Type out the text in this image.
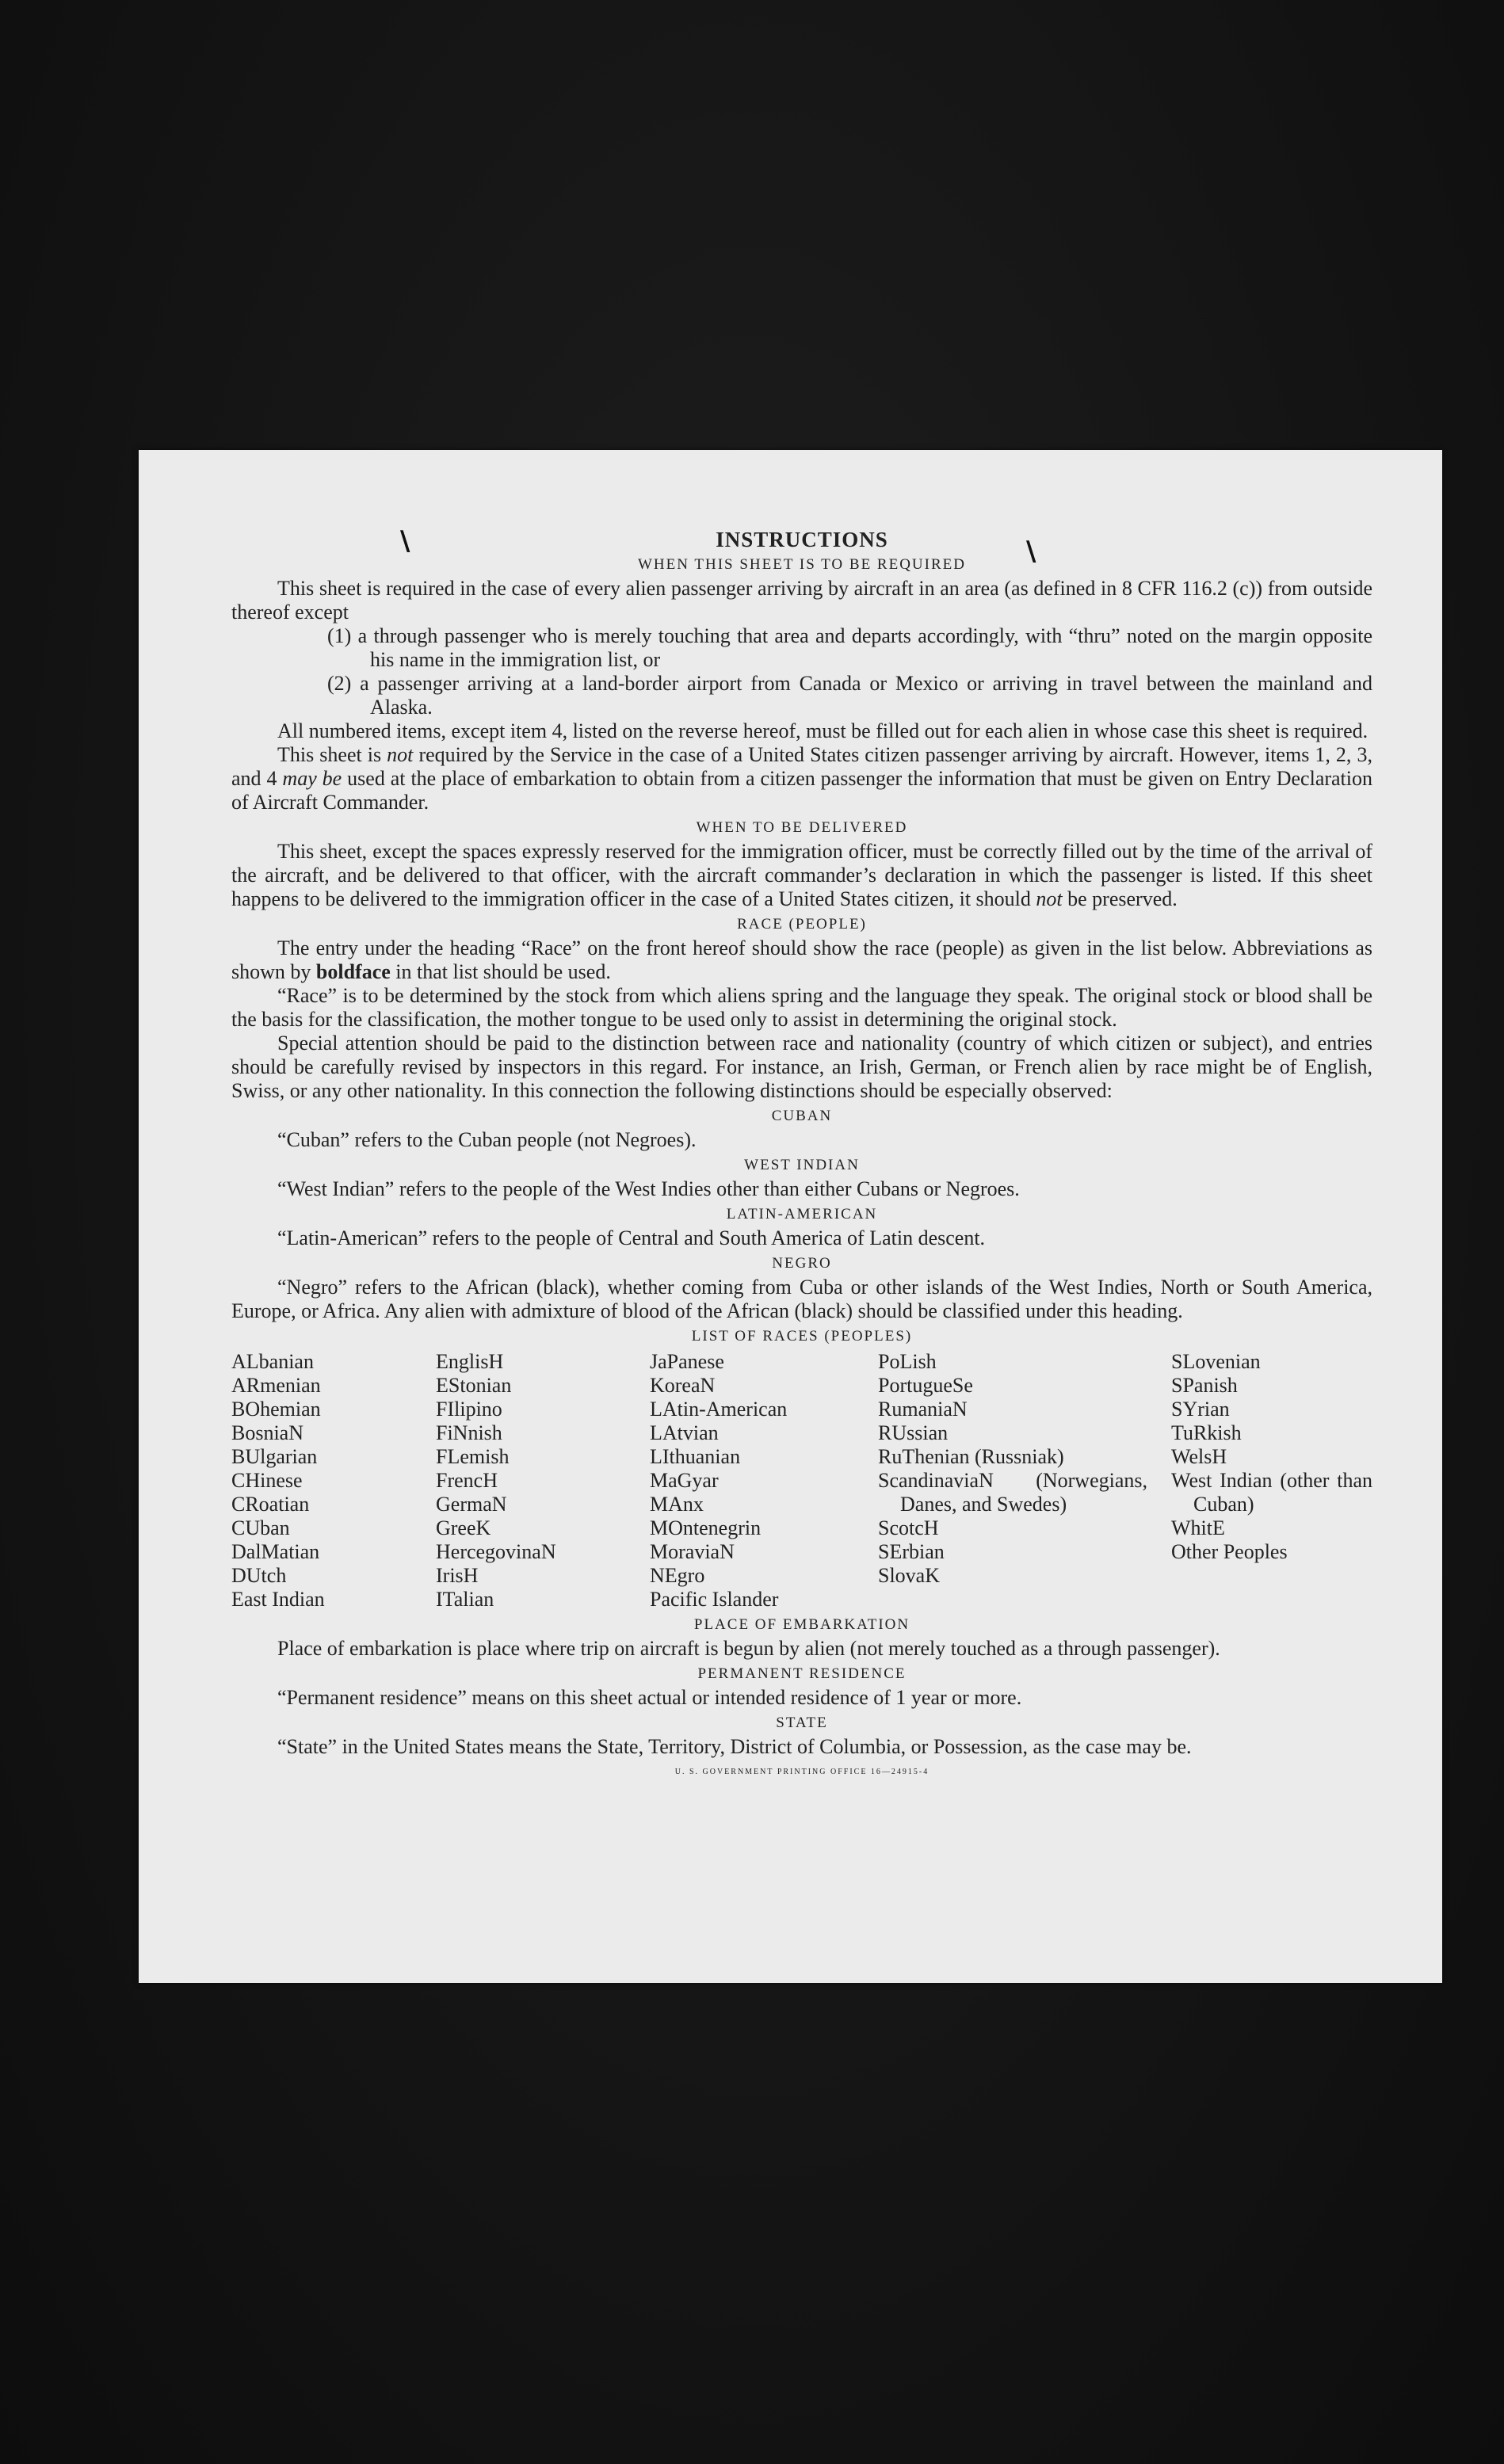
\	\
INSTRUCTIONS
WHEN THIS SHEET IS TO BE REQUIRED

This sheet is required in the case of every alien passenger arriving by aircraft in an area (as defined in 8 CFR 116.2 (c)) from outside thereof except

(1) a through passenger who is merely touching that area and departs accordingly, with “thru” noted on the margin opposite his name in the immigration list, or

(2) a passenger arriving at a land-border airport from Canada or Mexico or arriving in travel between the mainland and Alaska.

All numbered items, except item 4, listed on the reverse hereof, must be filled out for each alien in whose case this sheet is required.

This sheet is not required by the Service in the case of a United States citizen passenger arriving by aircraft. However, items 1, 2, 3, and 4 may be used at the place of embarkation to obtain from a citizen passenger the information that must be given on Entry Declaration of Aircraft Commander.

WHEN TO BE DELIVERED

This sheet, except the spaces expressly reserved for the immigration officer, must be correctly filled out by the time of the arrival of the aircraft, and be delivered to that officer, with the aircraft commander’s declaration in which the passenger is listed. If this sheet happens to be delivered to the immigration officer in the case of a United States citizen, it should not be preserved.

RACE (PEOPLE)

The entry under the heading “Race” on the front hereof should show the race (people) as given in the list below. Abbreviations as shown by boldface in that list should be used.

“Race” is to be determined by the stock from which aliens spring and the language they speak. The original stock or blood shall be the basis for the classification, the mother tongue to be used only to assist in determining the original stock.

Special attention should be paid to the distinction between race and nationality (country of which citizen or subject), and entries should be carefully revised by inspectors in this regard. For instance, an Irish, German, or French alien by race might be of English, Swiss, or any other nationality. In this connection the following distinctions should be especially observed:

CUBAN

“Cuban” refers to the Cuban people (not Negroes).

WEST INDIAN

“West Indian” refers to the people of the West Indies other than either Cubans or Negroes.

LATIN-AMERICAN

“Latin-American” refers to the people of Central and South America of Latin descent.

NEGRO

“Negro” refers to the African (black), whether coming from Cuba or other islands of the West Indies, North or South America, Europe, or Africa. Any alien with admixture of blood of the African (black) should be classified under this heading.

LIST OF RACES (PEOPLES)
ALbanian
ARmenian
BOhemian
BosniaN
BUlgarian
CHinese
CRoatian
CUban
DalMatian
DUtch
East Indian
EnglisH
EStonian
FIlipino
FiNnish
FLemish
FrencH
GermaN
GreeK
HercegovinaN
IrisH
ITalian
JaPanese
KoreaN
LAtin-American
LAtvian
LIthuanian
MaGyar
MAnx
MOntenegrin
MoraviaN
NEgro
Pacific Islander
PoLish
PortugueSe
RumaniaN
RUssian
RuThenian (Russniak)
ScandinaviaN (Norwegians, Danes, and Swedes)
ScotcH
SErbian
SlovaK
SLovenian
SPanish
SYrian
TuRkish
WelsH
West Indian (other than Cuban)
WhitE
Other Peoples
PLACE OF EMBARKATION

Place of embarkation is place where trip on aircraft is begun by alien (not merely touched as a through passenger).

PERMANENT RESIDENCE

“Permanent residence” means on this sheet actual or intended residence of 1 year or more.

STATE

“State” in the United States means the State, Territory, District of Columbia, or Possession, as the case may be.

U. S. GOVERNMENT PRINTING OFFICE 16—24915-4
